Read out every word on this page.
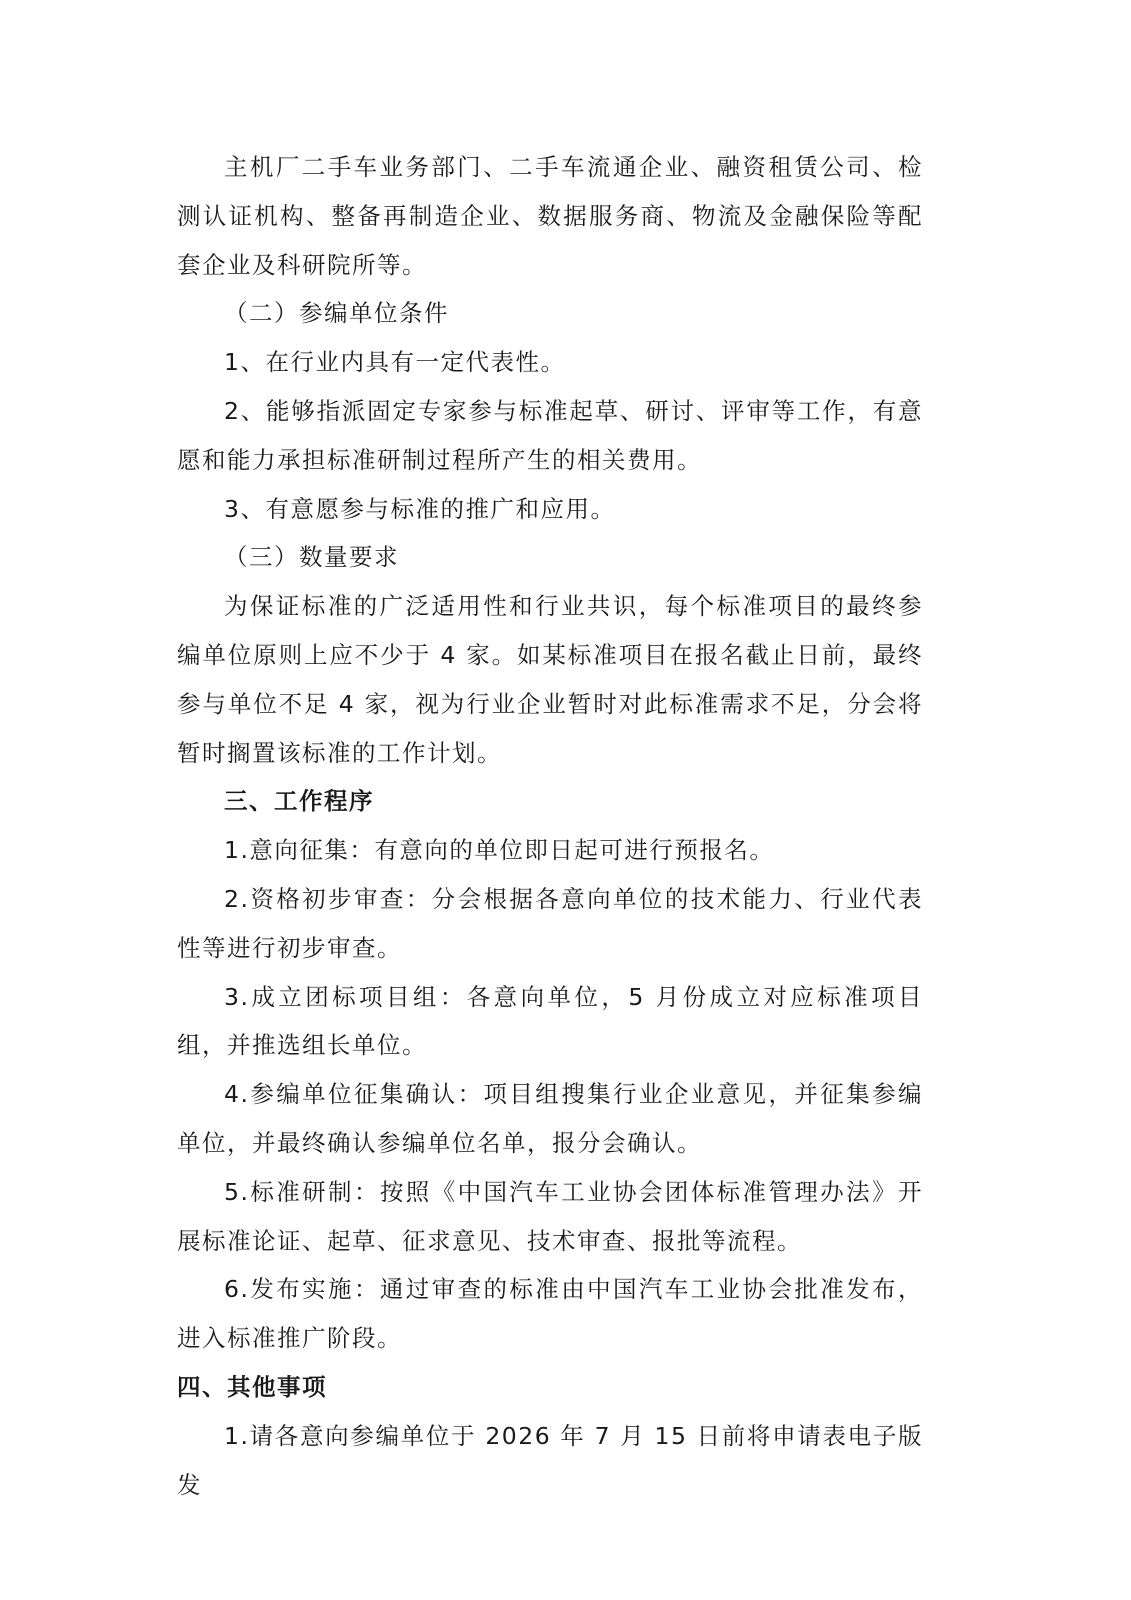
主机厂二手车业务部门、二手车流通企业、融资租赁公司、检测认证机构、整备再制造企业、数据服务商、物流及金融保险等配套企业及科研院所等。

（二）参编单位条件

1、在行业内具有一定代表性。

2、能够指派固定专家参与标准起草、研讨、评审等工作，有意愿和能力承担标准研制过程所产生的相关费用。

3、有意愿参与标准的推广和应用。

（三）数量要求

为保证标准的广泛适用性和行业共识，每个标准项目的最终参编单位原则上应不少于 4 家。如某标准项目在报名截止日前，最终参与单位不足 4 家，视为行业企业暂时对此标准需求不足，分会将暂时搁置该标准的工作计划。

三、工作程序

1.意向征集：有意向的单位即日起可进行预报名。

2.资格初步审查：分会根据各意向单位的技术能力、行业代表性等进行初步审查。

3.成立团标项目组：各意向单位，5 月份成立对应标准项目组，并推选组长单位。

4.参编单位征集确认：项目组搜集行业企业意见，并征集参编单位，并最终确认参编单位名单，报分会确认。

5.标准研制：按照《中国汽车工业协会团体标准管理办法》开展标准论证、起草、征求意见、技术审查、报批等流程。

6.发布实施：通过审查的标准由中国汽车工业协会批准发布，进入标准推广阶段。

四、其他事项

1.请各意向参编单位于 2026 年 7 月 15 日前将申请表电子版发
